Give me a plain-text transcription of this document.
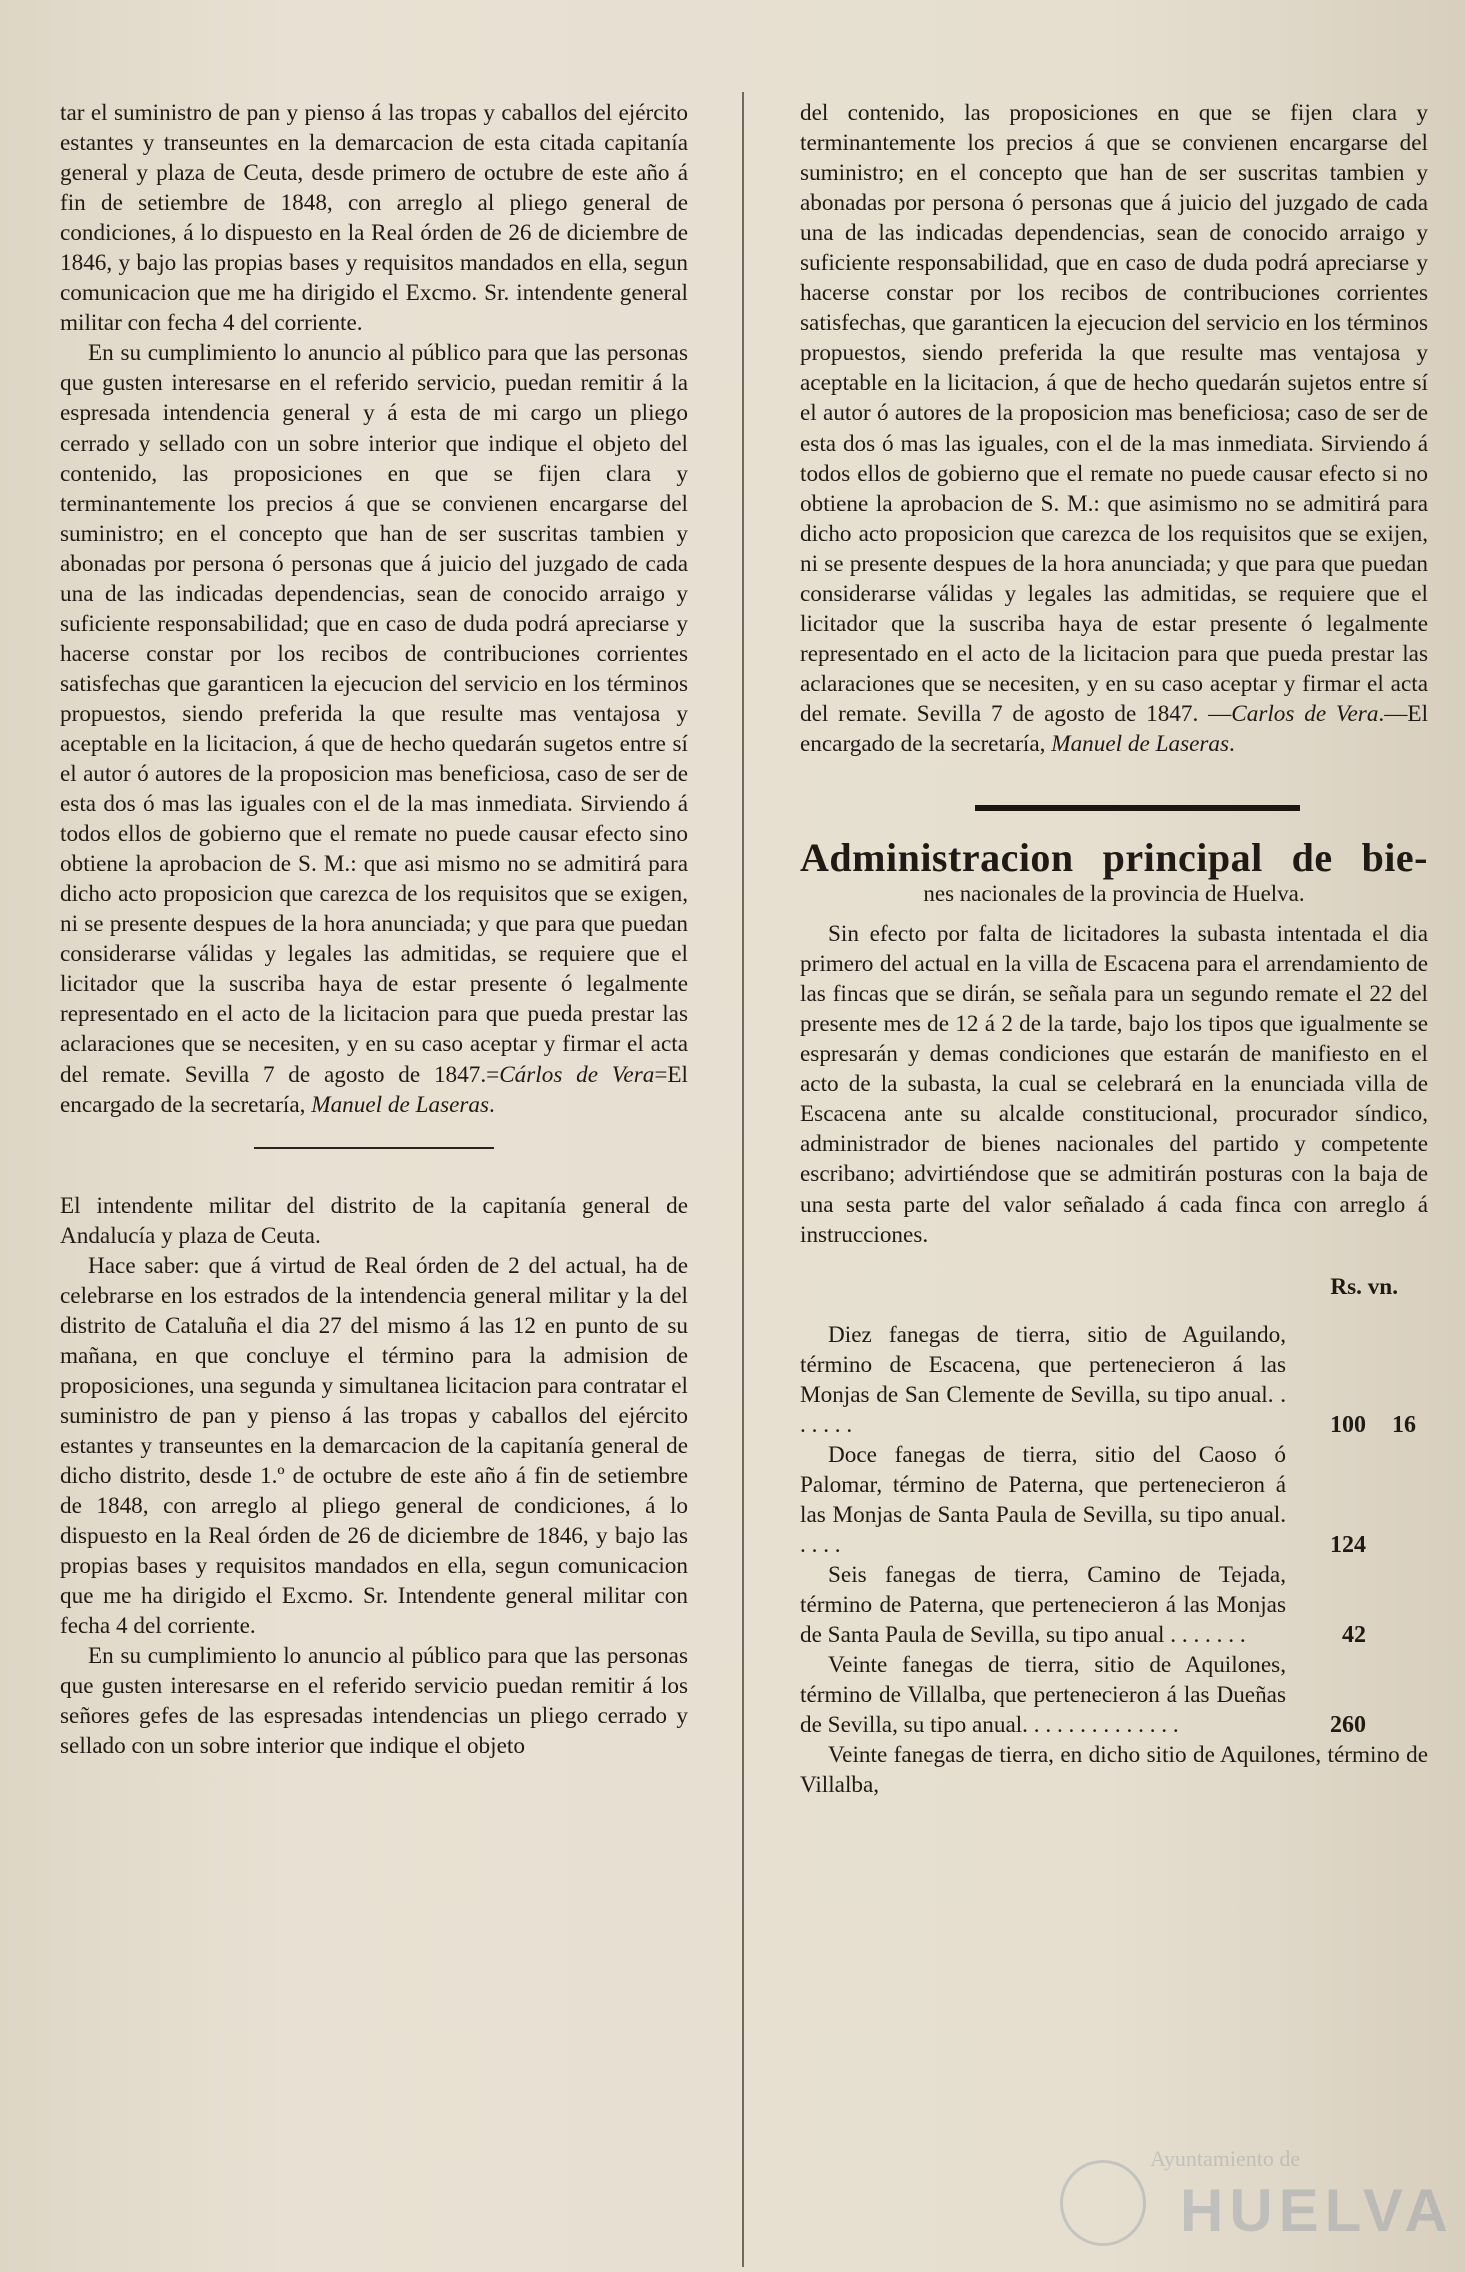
tar el suministro de pan y pienso á las tropas y caballos del ejército estantes y transeuntes en la demarcacion de esta citada capitanía general y plaza de Ceuta, desde primero de octubre de este año á fin de setiembre de 1848, con arreglo al pliego general de condiciones, á lo dispuesto en la Real órden de 26 de diciembre de 1846, y bajo las propias bases y requisitos mandados en ella, segun comunicacion que me ha dirigido el Excmo. Sr. intendente general militar con fecha 4 del corriente.

En su cumplimiento lo anuncio al público para que las personas que gusten interesarse en el referido servicio, puedan remitir á la espresada intendencia general y á esta de mi cargo un pliego cerrado y sellado con un sobre interior que indique el objeto del contenido, las proposiciones en que se fijen clara y terminantemente los precios á que se convienen encargarse del suministro; en el concepto que han de ser suscritas tambien y abonadas por persona ó personas que á juicio del juzgado de cada una de las indicadas dependencias, sean de conocido arraigo y suficiente responsabilidad; que en caso de duda podrá apreciarse y hacerse constar por los recibos de contribuciones corrientes satisfechas que garanticen la ejecucion del servicio en los términos propuestos, siendo preferida la que resulte mas ventajosa y aceptable en la licitacion, á que de hecho quedarán sugetos entre sí el autor ó autores de la proposicion mas beneficiosa, caso de ser de esta dos ó mas las iguales con el de la mas inmediata. Sirviendo á todos ellos de gobierno que el remate no puede causar efecto sino obtiene la aprobacion de S. M.: que asi mismo no se admitirá para dicho acto proposicion que carezca de los requisitos que se exigen, ni se presente despues de la hora anunciada; y que para que puedan considerarse válidas y legales las admitidas, se requiere que el licitador que la suscriba haya de estar presente ó legalmente representado en el acto de la licitacion para que pueda prestar las aclaraciones que se necesiten, y en su caso aceptar y firmar el acta del remate. Sevilla 7 de agosto de 1847.=Cárlos de Vera=El encargado de la secretaría, Manuel de Laseras.

El intendente militar del distrito de la capitanía general de Andalucía y plaza de Ceuta.

Hace saber: que á virtud de Real órden de 2 del actual, ha de celebrarse en los estrados de la intendencia general militar y la del distrito de Cataluña el dia 27 del mismo á las 12 en punto de su mañana, en que concluye el término para la admision de proposiciones, una segunda y simultanea licitacion para contratar el suministro de pan y pienso á las tropas y caballos del ejército estantes y transeuntes en la demarcacion de la capitanía general de dicho distrito, desde 1.º de octubre de este año á fin de setiembre de 1848, con arreglo al pliego general de condiciones, á lo dispuesto en la Real órden de 26 de diciembre de 1846, y bajo las propias bases y requisitos mandados en ella, segun comunicacion que me ha dirigido el Excmo. Sr. Intendente general militar con fecha 4 del corriente.

En su cumplimiento lo anuncio al público para que las personas que gusten interesarse en el referido servicio puedan remitir á los señores gefes de las espresadas intendencias un pliego cerrado y sellado con un sobre interior que indique el objeto

del contenido, las proposiciones en que se fijen clara y terminantemente los precios á que se convienen encargarse del suministro; en el concepto que han de ser suscritas tambien y abonadas por persona ó personas que á juicio del juzgado de cada una de las indicadas dependencias, sean de conocido arraigo y suficiente responsabilidad, que en caso de duda podrá apreciarse y hacerse constar por los recibos de contribuciones corrientes satisfechas, que garanticen la ejecucion del servicio en los términos propuestos, siendo preferida la que resulte mas ventajosa y aceptable en la licitacion, á que de hecho quedarán sujetos entre sí el autor ó autores de la proposicion mas beneficiosa; caso de ser de esta dos ó mas las iguales, con el de la mas inmediata. Sirviendo á todos ellos de gobierno que el remate no puede causar efecto si no obtiene la aprobacion de S. M.: que asimismo no se admitirá para dicho acto proposicion que carezca de los requisitos que se exijen, ni se presente despues de la hora anunciada; y que para que puedan considerarse válidas y legales las admitidas, se requiere que el licitador que la suscriba haya de estar presente ó legalmente representado en el acto de la licitacion para que pueda prestar las aclaraciones que se necesiten, y en su caso aceptar y firmar el acta del remate. Sevilla 7 de agosto de 1847. —Carlos de Vera.—El encargado de la secretaría, Manuel de Laseras.

Administracion principal de bie-

nes nacionales de la provincia de Huelva.

Sin efecto por falta de licitadores la subasta intentada el dia primero del actual en la villa de Escacena para el arrendamiento de las fincas que se dirán, se señala para un segundo remate el 22 del presente mes de 12 á 2 de la tarde, bajo los tipos que igualmente se espresarán y demas condiciones que estarán de manifiesto en el acto de la subasta, la cual se celebrará en la enunciada villa de Escacena ante su alcalde constitucional, procurador síndico, administrador de bienes nacionales del partido y competente escribano; advirtiéndose que se admitirán posturas con la baja de una sesta parte del valor señalado á cada finca con arreglo á instrucciones.

Rs. vn.
Diez fanegas de tierra, sitio de Aguilando, término de Escacena, que pertenecieron á las Monjas de San Clemente de Sevilla, su tipo anual. . . . . . .	100 16
Doce fanegas de tierra, sitio del Caoso ó Palomar, término de Paterna, que pertenecieron á las Monjas de Santa Paula de Sevilla, su tipo anual. . . . .	124
Seis fanegas de tierra, Camino de Tejada, término de Paterna, que pertenecieron á las Monjas de Santa Paula de Sevilla, su tipo anual . . . . . . .	42
Veinte fanegas de tierra, sitio de Aquilones, término de Villalba, que pertenecieron á las Dueñas de Sevilla, su tipo anual. . . . . . . . . . . . . .	260

Veinte fanegas de tierra, en dicho sitio de Aquilones, término de Villalba,

Ayuntamiento de
HUELVA
